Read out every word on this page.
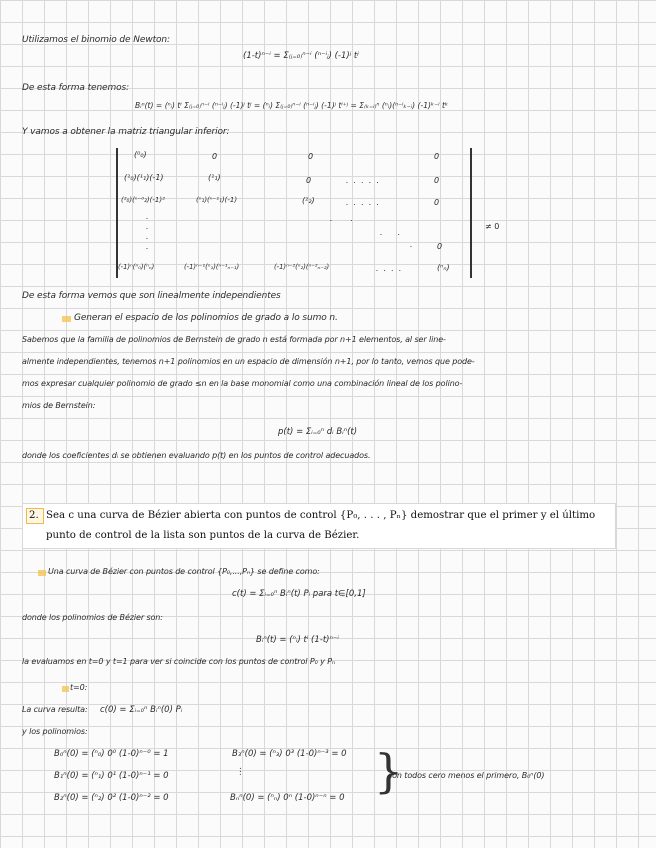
Utilizamos el binomio de Newton:
(1-t)ⁿ⁻ⁱ = Σ₍ⱼ₌₀₎ⁿ⁻ⁱ (ⁿ⁻ⁱⱼ) (-1)ʲ tʲ
De esta forma tenemos:
Bᵢⁿ(t) = (ⁿᵢ) tⁱ Σ₍ⱼ₌₀₎ⁿ⁻ⁱ (ⁿ⁻ⁱⱼ) (-1)ʲ tʲ = (ⁿᵢ) Σ₍ⱼ₌₀₎ⁿ⁻ⁱ (ⁿ⁻ⁱⱼ) (-1)ʲ tⁱ⁺ʲ = Σ₍ₖ₌ᵢ₎ⁿ (ⁿᵢ)(ⁿ⁻ⁱₖ₋ᵢ) (-1)ᵏ⁻ⁱ tᵏ
Y vamos a obtener la matriz triangular inferior:
(⁰₀)	0	0	0
(¹₀)(¹₁)(-1)	(¹₁)	0	0
(²₀)(ⁿ⁻⁰₂)(-1)²	(ⁿ₁)(ⁿ⁻¹₁)(-1)	(²₂)	0
.  .  .  .  .
.  .  .  .  .
.
.
.
.
.       .
.      .
.	0
(-1)ⁿ(ⁿ₀)(ⁿₙ)	(-1)ⁿ⁻¹(ⁿ₁)(ⁿ⁻¹ₙ₋₁)	(-1)ⁿ⁻²(ⁿ₂)(ⁿ⁻²ₙ₋₂)	.  .  .  .	(ⁿₙ)
≠ 0
De esta forma vemos que son linealmente independientes
Generan el espacio de los polinomios de grado a lo sumo n.
Sabemos que la familia de polinomios de Bernstein de grado n está formada por n+1 elementos, al ser line-
almente independientes, tenemos n+1 polinomios en un espacio de dimensión n+1, por lo tanto, vemos que pode-
mos expresar cualquier polinomio de grado ≤n en la base monomial como una combinación lineal de los polino-
mios de Bernstein:
p(t) = Σᵢ₌₀ⁿ dᵢ Bᵢⁿ(t)
donde los coeficientes dᵢ se obtienen evaluando p(t) en los puntos de control adecuados.
2. Sea c una curva de Bézier abierta con puntos de control {P₀, . . . , Pₙ} demostrar que el primer y el último
punto de control de la lista son puntos de la curva de Bézier.
Una curva de Bézier con puntos de control {P₀,...,Pₙ} se define como:
c(t) = Σᵢ₌₀ⁿ Bᵢⁿ(t) Pᵢ para t∈[0,1]
donde los polinomios de Bézier son:
Bᵢⁿ(t) = (ⁿᵢ) tⁱ (1-t)ⁿ⁻ⁱ
la evaluamos en t=0 y t=1 para ver si coincide con los puntos de control P₀ y Pₙ
t=0:
La curva resulta: c(0) = Σᵢ₌₀ⁿ Bᵢⁿ(0) Pᵢ
y los polinomios:
B₀ⁿ(0) = (ⁿ₀) 0⁰ (1-0)ⁿ⁻⁰ = 1
B₁ⁿ(0) = (ⁿ₁) 0¹ (1-0)ⁿ⁻¹ = 0
B₂ⁿ(0) = (ⁿ₂) 0² (1-0)ⁿ⁻² = 0
B₃ⁿ(0) = (ⁿ₃) 0³ (1-0)ⁿ⁻³ = 0
⋮
Bₙⁿ(0) = (ⁿₙ) 0ⁿ (1-0)ⁿ⁻ⁿ = 0 }
son todos cero menos el primero, B₀ⁿ(0)
